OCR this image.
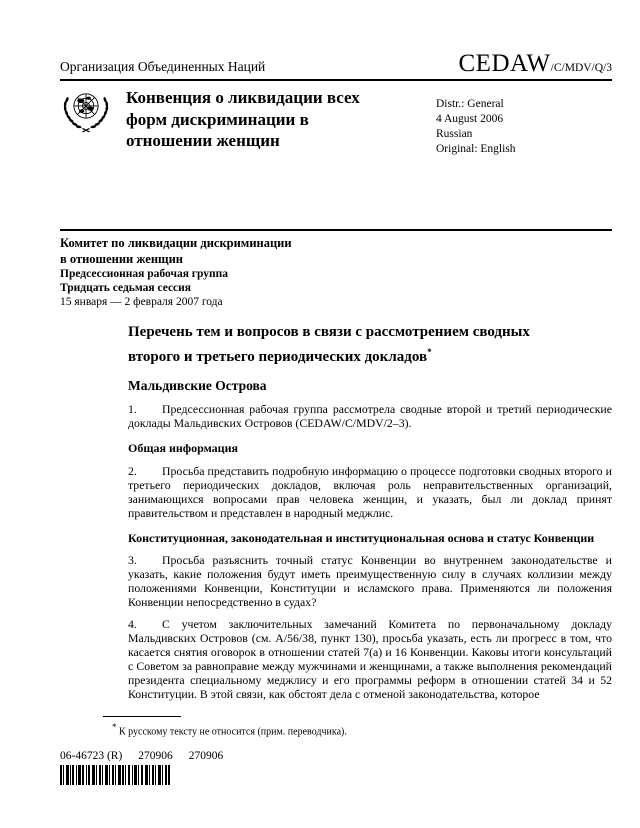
Организация Объединенных Наций	CEDAW/C/MDV/Q/3
Конвенция о ликвидации всех форм дискриминации в отношении женщин
Distr.: General
4 August 2006
Russian
Original: English
Комитет по ликвидации дискриминации
в отношении женщин
Предсессионная рабочая группа
Тридцать седьмая сессия
15 января — 2 февраля 2007 года
Перечень тем и вопросов в связи с рассмотрением сводных второго и третьего периодических докладов*
Мальдивские Острова

1. Предсессионная рабочая группа рассмотрела сводные второй и третий периодические доклады Мальдивских Островов (CEDAW/C/MDV/2–3).

Общая информация

2. Просьба представить подробную информацию о процессе подготовки сводных второго и третьего периодических докладов, включая роль неправительственных организаций, занимающихся вопросами прав человека женщин, и указать, был ли доклад принят правительством и представлен в народный меджлис.

Конституционная, законодательная и институциональная основа и статус Конвенции

3. Просьба разъяснить точный статус Конвенции во внутреннем законодательстве и указать, какие положения будут иметь преимущественную силу в случаях коллизии между положениями Конвенции, Конституции и исламского права. Применяются ли положения Конвенции непосредственно в судах?

4. С учетом заключительных замечаний Комитета по первоначальному докладу Мальдивских Островов (см. A/56/38, пункт 130), просьба указать, есть ли прогресс в том, что касается снятия оговорок в отношении статей 7(a) и 16 Конвенции. Каковы итоги консультаций с Советом за равноправие между мужчинами и женщинами, а также выполнения рекомендаций президента специальному меджлису и его программы реформ в отношении статей 34 и 52 Конституции. В этой связи, как обстоят дела с отменой законодательства, которое

* К русскому тексту не относится (прим. переводчика).
06-46723 (R) 270906 270906
